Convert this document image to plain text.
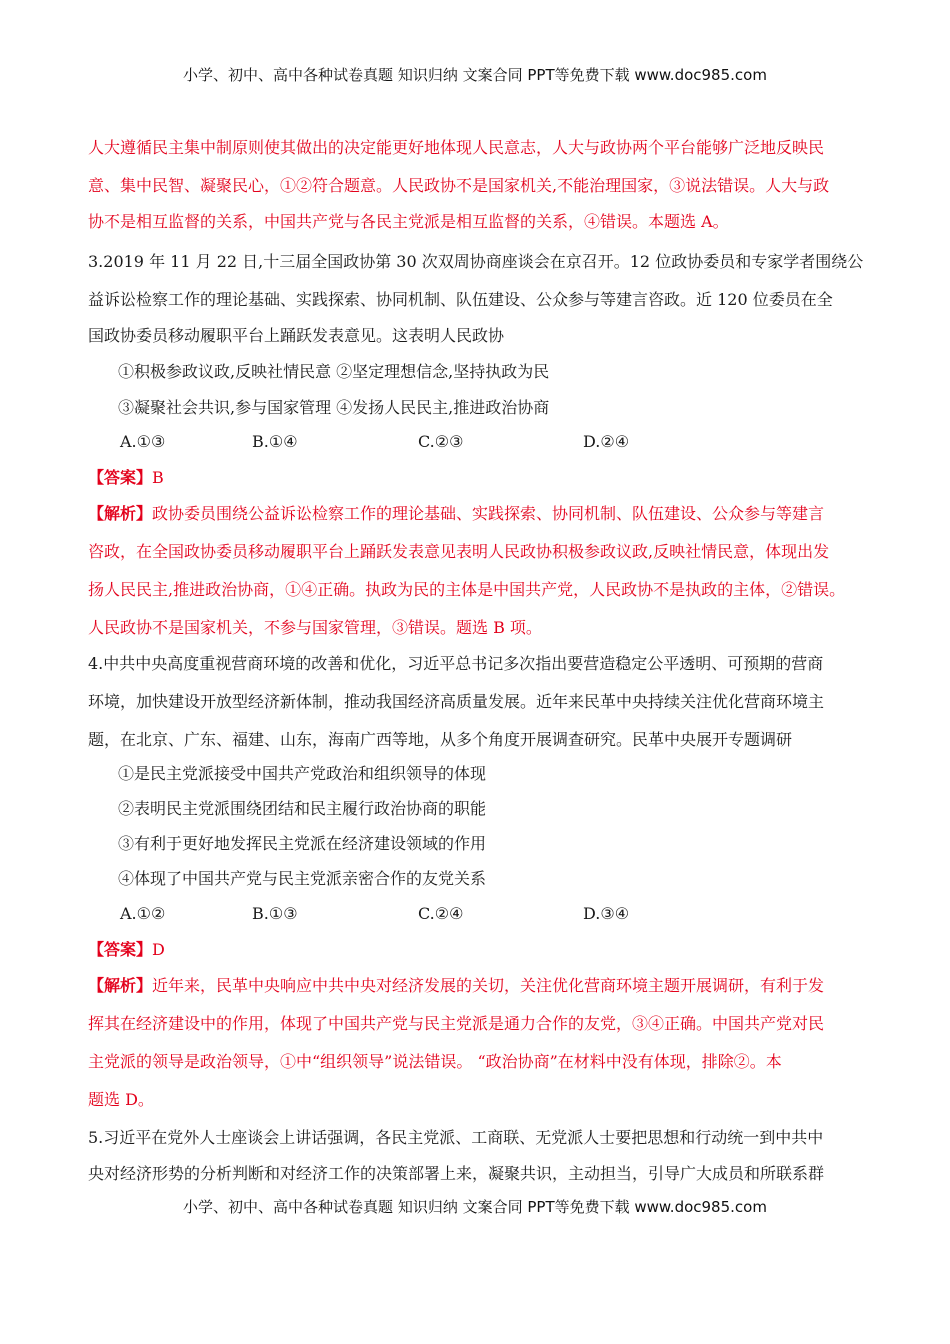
小学、初中、高中各种试卷真题 知识归纳 文案合同 PPT等免费下载 www.doc985.com
人大遵循民主集中制原则使其做出的决定能更好地体现人民意志，人大与政协两个平台能够广泛地反映民
意、集中民智、凝聚民心，①②符合题意。人民政协不是国家机关,不能治理国家，③说法错误。人大与政
协不是相互监督的关系，中国共产党与各民主党派是相互监督的关系，④错误。本题选 A。
3.2019 年 11 月 22 日,十三届全国政协第 30 次双周协商座谈会在京召开。12 位政协委员和专家学者围绕公
益诉讼检察工作的理论基础、实践探索、协同机制、队伍建设、公众参与等建言咨政。近 120 位委员在全
国政协委员移动履职平台上踊跃发表意见。这表明人民政协
①积极参政议政,反映社情民意 ②坚定理想信念,坚持执政为民
③凝聚社会共识,参与国家管理 ④发扬人民民主,推进政治协商
A.①③	B.①④	C.②③	D.②④
【答案】B
【解析】政协委员围绕公益诉讼检察工作的理论基础、实践探索、协同机制、队伍建设、公众参与等建言
咨政，在全国政协委员移动履职平台上踊跃发表意见表明人民政协积极参政议政,反映社情民意，体现出发
扬人民民主,推进政治协商，①④正确。执政为民的主体是中国共产党，人民政协不是执政的主体，②错误。
人民政协不是国家机关，不参与国家管理，③错误。题选 B 项。
4.中共中央高度重视营商环境的改善和优化，习近平总书记多次指出要营造稳定公平透明、可预期的营商
环境，加快建设开放型经济新体制，推动我国经济高质量发展。近年来民革中央持续关注优化营商环境主
题，在北京、广东、福建、山东，海南广西等地，从多个角度开展调查研究。民革中央展开专题调研
①是民主党派接受中国共产党政治和组织领导的体现
②表明民主党派围绕团结和民主履行政治协商的职能
③有利于更好地发挥民主党派在经济建设领域的作用
④体现了中国共产党与民主党派亲密合作的友党关系
A.①②	B.①③	C.②④	D.③④
【答案】D
【解析】近年来，民革中央响应中共中央对经济发展的关切，关注优化营商环境主题开展调研，有利于发
挥其在经济建设中的作用，体现了中国共产党与民主党派是通力合作的友党，③④正确。中国共产党对民
主党派的领导是政治领导，①中“组织领导”说法错误。 “政治协商”在材料中没有体现，排除②。本
题选 D。
5.习近平在党外人士座谈会上讲话强调，各民主党派、工商联、无党派人士要把思想和行动统一到中共中
央对经济形势的分析判断和对经济工作的决策部署上来，凝聚共识，主动担当，引导广大成员和所联系群
小学、初中、高中各种试卷真题 知识归纳 文案合同 PPT等免费下载 www.doc985.com
